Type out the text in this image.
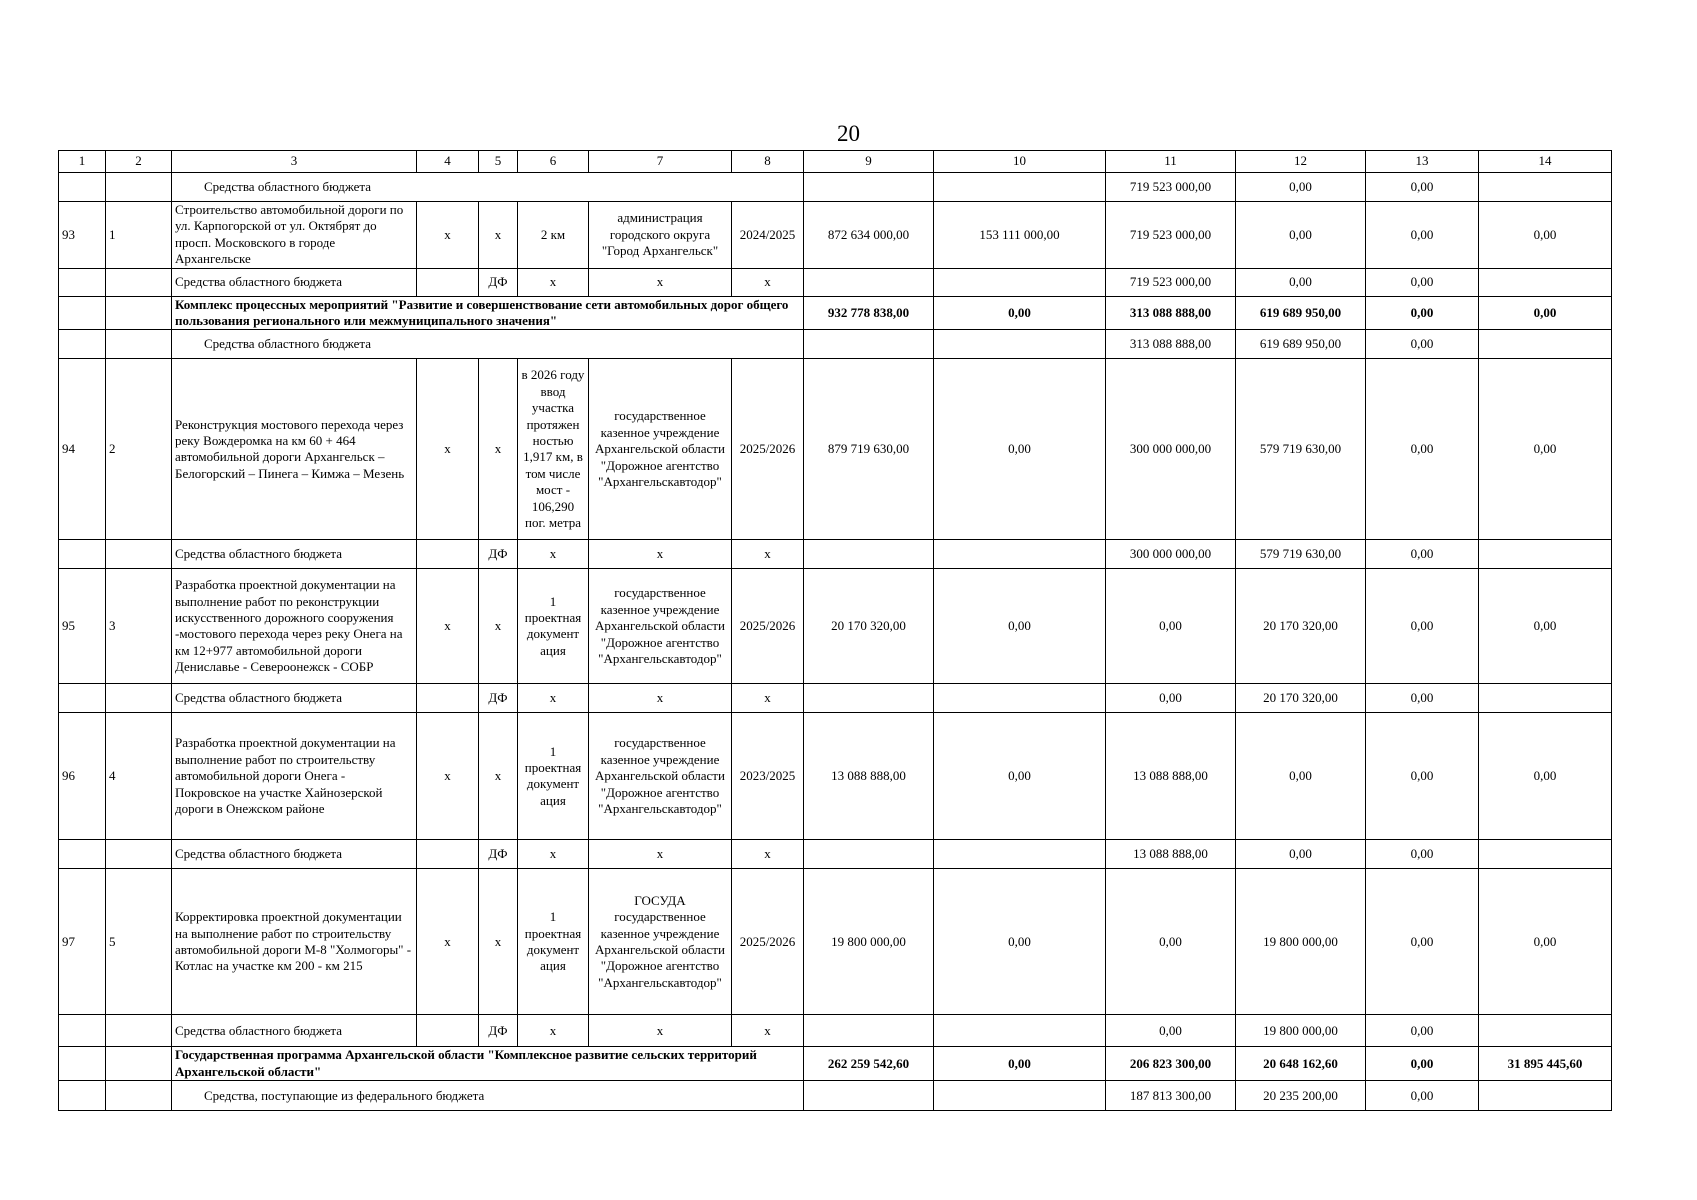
20
1	2	3	4	5	6	7	8	9	10	11	12	13	14
		Средства областного бюджета								719 523 000,00	0,00	0,00	
93	1	Строительство автомобильной дороги по ул. Карпогорской от ул. Октябрят до просп. Московского в городе Архангельске	x	x	2 км	администрация городского округа "Город Архангельск"	2024/2025	872 634 000,00	153 111 000,00	719 523 000,00	0,00	0,00	0,00
		Средства областного бюджета		ДФ	x	x	x			719 523 000,00	0,00	0,00	
		Комплекс процессных мероприятий "Развитие и совершенствование сети автомобильных дорог общего пользования регионального или межмуниципального значения"						932 778 838,00	0,00	313 088 888,00	619 689 950,00	0,00	0,00
		Средства областного бюджета								313 088 888,00	619 689 950,00	0,00	
94	2	Реконструкция мостового перехода через реку Вождеромка на км 60 + 464 автомобильной дороги Архангельск – Белогорский – Пинега – Кимжа – Мезень	x	x	в 2026 году ввод участка протяжен ностью 1,917 км, в том числе мост - 106,290 пог. метра	государственное казенное учреждение Архангельской области "Дорожное агентство "Архангельскавтодор"	2025/2026	879 719 630,00	0,00	300 000 000,00	579 719 630,00	0,00	0,00
		Средства областного бюджета		ДФ	x	x	x			300 000 000,00	579 719 630,00	0,00	
95	3	Разработка проектной документации на выполнение работ по реконструкции искусственного дорожного сооружения -мостового перехода через реку Онега на км 12+977 автомобильной дороги Дениславье - Североонежск - СОБР	x	x	1 проектная документ ация	государственное казенное учреждение Архангельской области "Дорожное агентство "Архангельскавтодор"	2025/2026	20 170 320,00	0,00	0,00	20 170 320,00	0,00	0,00
		Средства областного бюджета		ДФ	x	x	x			0,00	20 170 320,00	0,00	
96	4	Разработка проектной документации на выполнение работ по строительству автомобильной дороги Онега - Покровское на участке Хайнозерской дороги в Онежском районе	x	x	1 проектная документ ация	государственное казенное учреждение Архангельской области "Дорожное агентство "Архангельскавтодор"	2023/2025	13 088 888,00	0,00	13 088 888,00	0,00	0,00	0,00
		Средства областного бюджета		ДФ	x	x	x			13 088 888,00	0,00	0,00	
97	5	Корректировка проектной документации на выполнение работ по строительству автомобильной дороги М-8 "Холмогоры" - Котлас на участке км 200 - км 215	x	x	1 проектная документ ация	ГОСУДА государственное казенное учреждение Архангельской области "Дорожное агентство "Архангельскавтодор"	2025/2026	19 800 000,00	0,00	0,00	19 800 000,00	0,00	0,00
		Средства областного бюджета		ДФ	x	x	x			0,00	19 800 000,00	0,00	
		Государственная программа Архангельской области "Комплексное развитие сельских территорий Архангельской области"						262 259 542,60	0,00	206 823 300,00	20 648 162,60	0,00	31 895 445,60
		Средства, поступающие из федерального бюджета								187 813 300,00	20 235 200,00	0,00	
